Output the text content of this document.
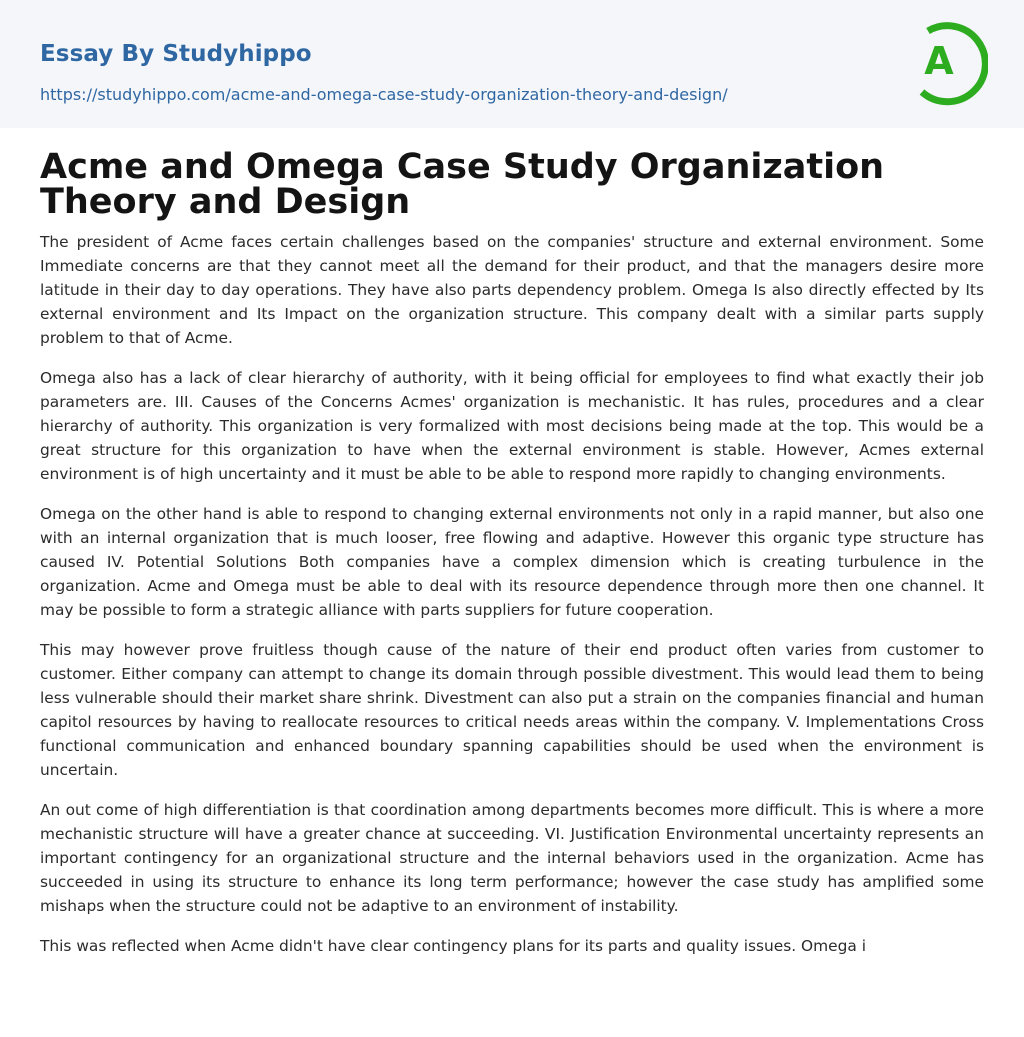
Essay By Studyhippo
https://studyhippo.com/acme-and-omega-case-study-organization-theory-and-design/
A
Acme and Omega Case Study Organization Theory and Design

The president of Acme faces certain challenges based on the companies' structure and external environment. Some Immediate concerns are that they cannot meet all the demand for their product, and that the managers desire more latitude in their day to day operations. They have also parts dependency problem. Omega Is also directly effected by Its external environment and Its Impact on the organization structure. This company dealt with a similar parts supply problem to that of Acme.

Omega also has a lack of clear hierarchy of authority, with it being official for employees to find what exactly their job parameters are. III. Causes of the Concerns Acmes' organization is mechanistic. It has rules, procedures and a clear hierarchy of authority. This organization is very formalized with most decisions being made at the top. This would be a great structure for this organization to have when the external environment is stable. However, Acmes external environment is of high uncertainty and it must be able to be able to respond more rapidly to changing environments.

Omega on the other hand is able to respond to changing external environments not only in a rapid manner, but also one with an internal organization that is much looser, free flowing and adaptive. However this organic type structure has caused IV. Potential Solutions Both companies have a complex dimension which is creating turbulence in the organization. Acme and Omega must be able to deal with its resource dependence through more then one channel. It may be possible to form a strategic alliance with parts suppliers for future cooperation.

This may however prove fruitless though cause of the nature of their end product often varies from customer to customer. Either company can attempt to change its domain through possible divestment. This would lead them to being less vulnerable should their market share shrink. Divestment can also put a strain on the companies financial and human capitol resources by having to reallocate resources to critical needs areas within the company. V. Implementations Cross functional communication and enhanced boundary spanning capabilities should be used when the environment is uncertain.

An out come of high differentiation is that coordination among departments becomes more difficult. This is where a more mechanistic structure will have a greater chance at succeeding. VI. Justification Environmental uncertainty represents an important contingency for an organizational structure and the internal behaviors used in the organization. Acme has succeeded in using its structure to enhance its long term performance; however the case study has amplified some mishaps when the structure could not be adaptive to an environment of instability.

This was reflected when Acme didn't have clear contingency plans for its parts and quality issues. Omega i
